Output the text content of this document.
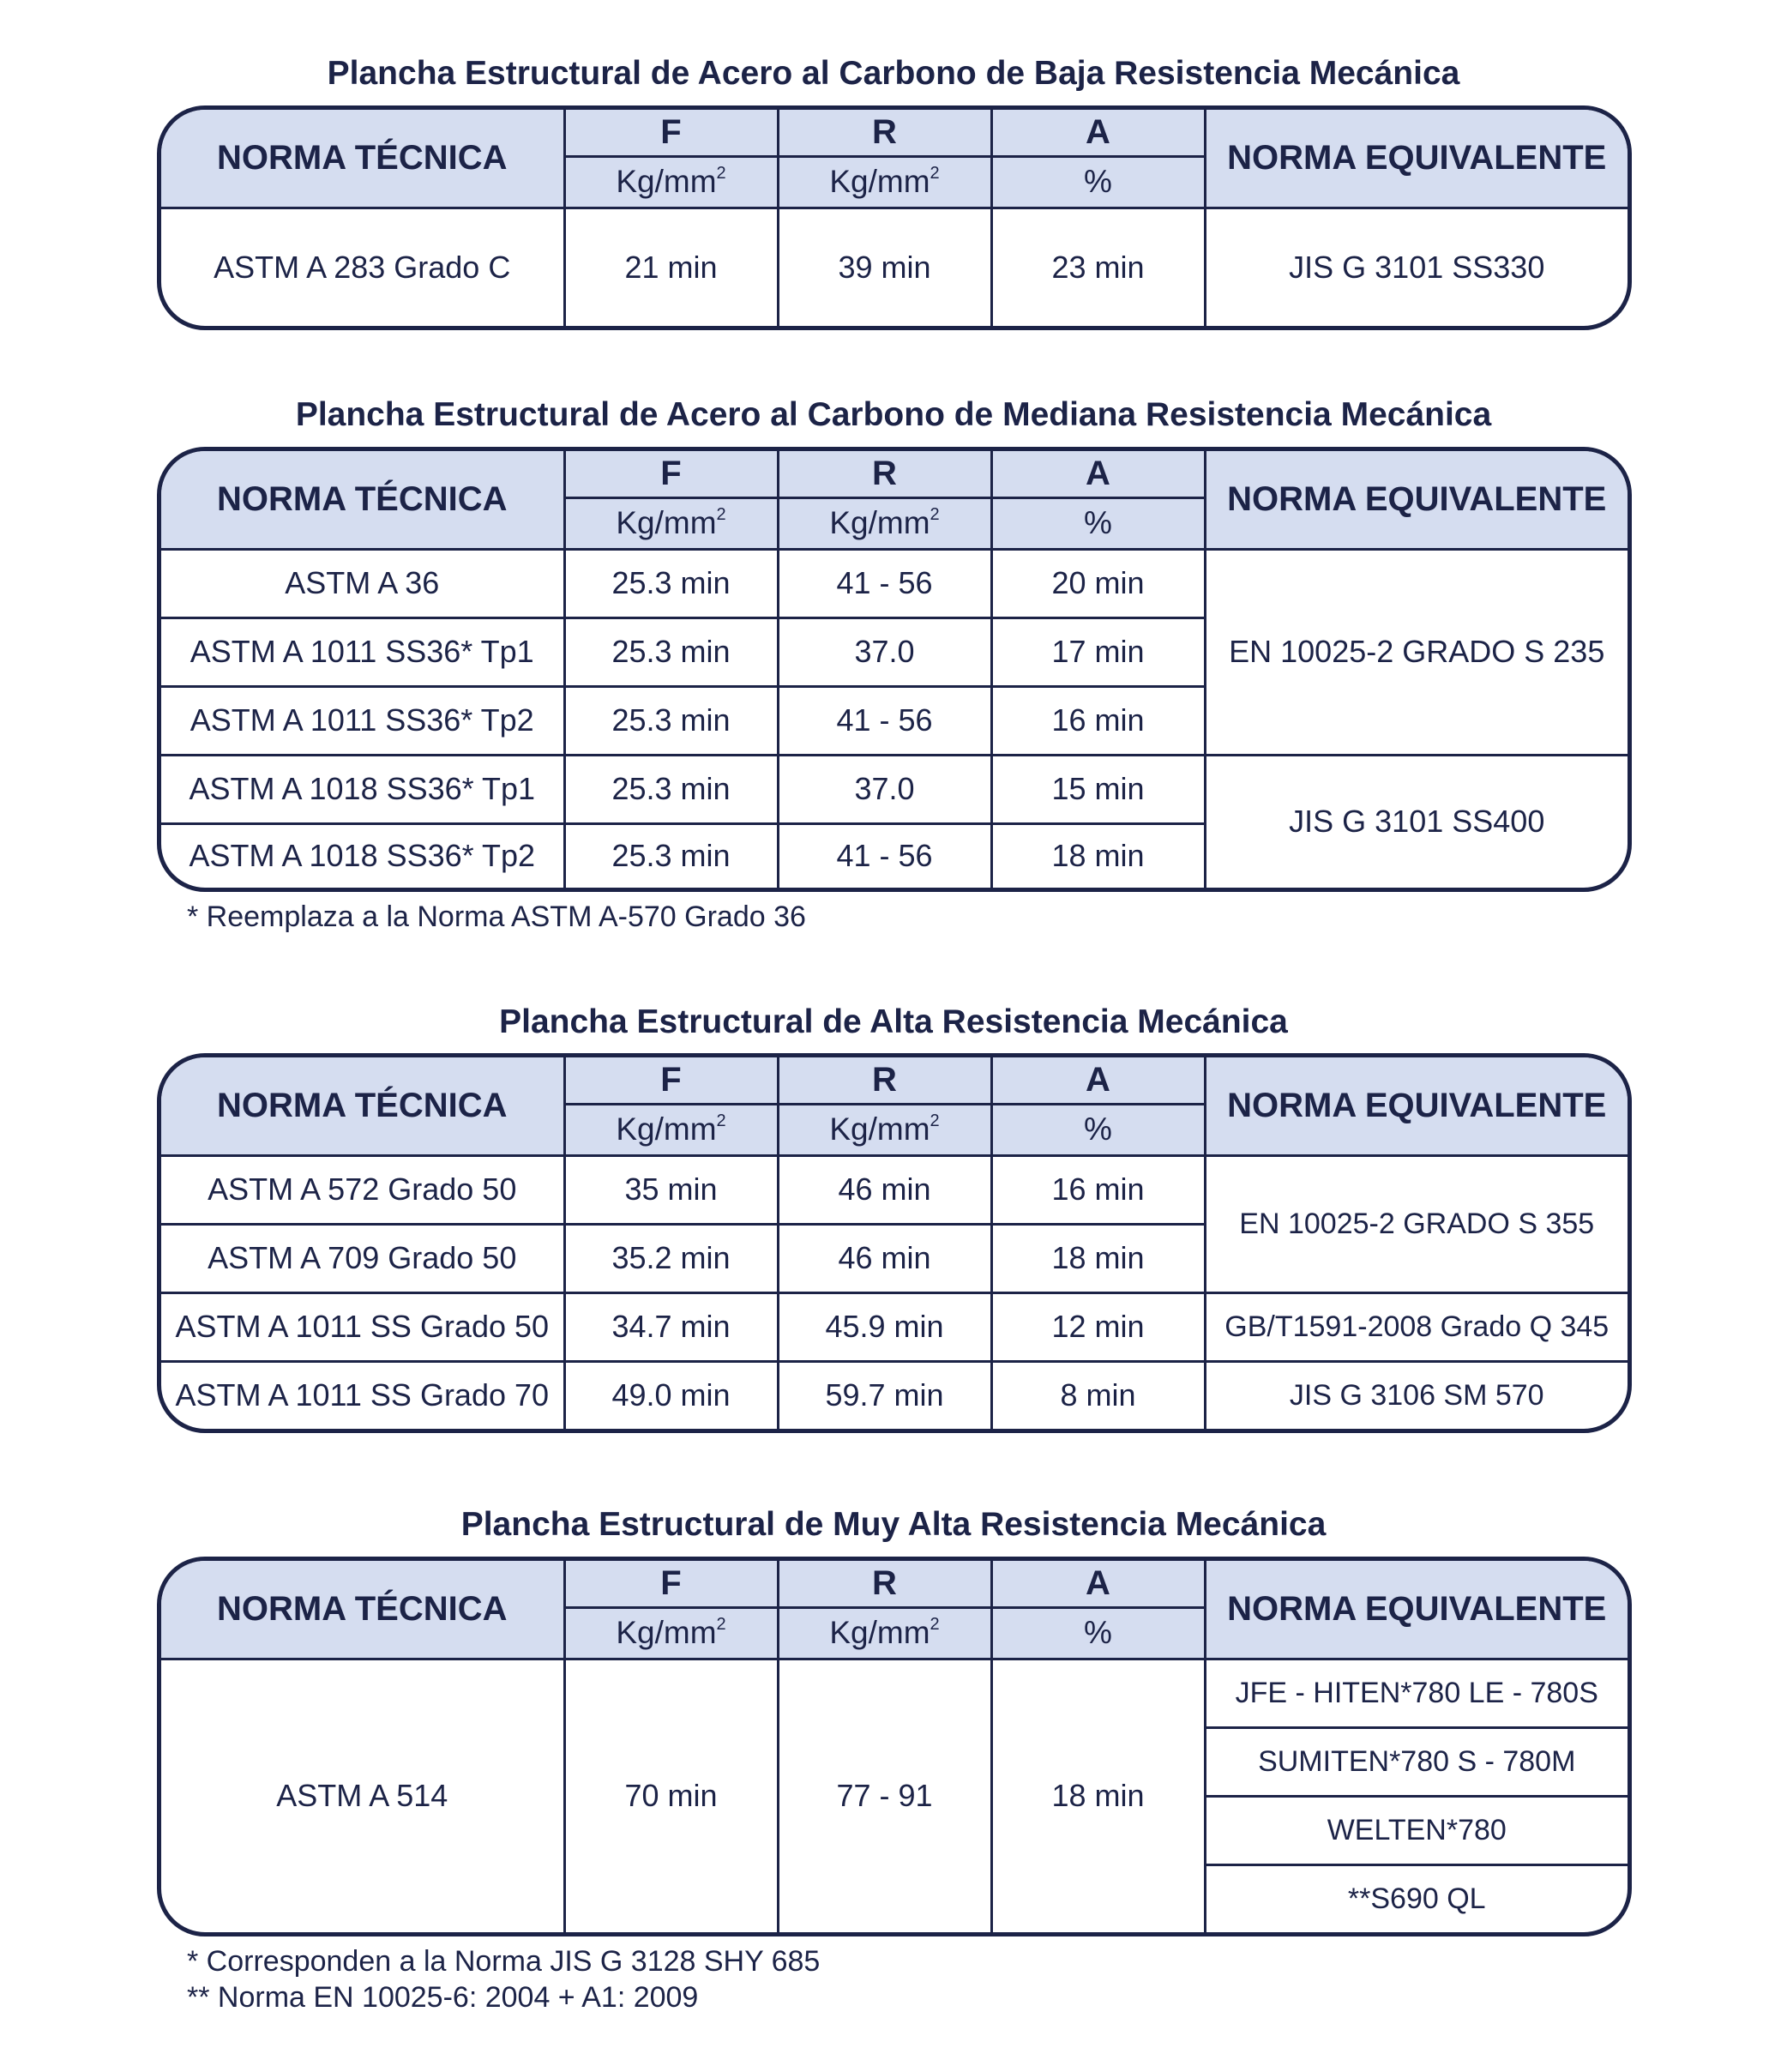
Plancha Estructural de Acero al Carbono de Baja Resistencia Mecánica
NORMA TÉCNICA	F	R	A	NORMA EQUIVALENTE
	$Kg/mm^2$	$Kg/mm^2$	%	
ASTM A 283 Grado C	21 min	39 min	23 min	JIS G 3101 SS330
Plancha Estructural de Acero al Carbono de Mediana Resistencia Mecánica
NORMA TÉCNICA	F	R	A	NORMA EQUIVALENTE
	$Kg/mm^2$	$Kg/mm^2$	%	
ASTM A 36	25.3 min	41 - 56	20 min	EN 10025-2 GRADO S 235
ASTM A 1011 SS36* Tp1	25.3 min	37.0	17 min	
ASTM A 1011 SS36* Tp2	25.3 min	41 - 56	16 min	
ASTM A 1018 SS36* Tp1	25.3 min	37.0	15 min	JIS G 3101 SS400
ASTM A 1018 SS36* Tp2	25.3 min	41 - 56	18 min	
* Reemplaza a la Norma ASTM A-570 Grado 36
Plancha Estructural de Alta Resistencia Mecánica
NORMA TÉCNICA	F	R	A	NORMA EQUIVALENTE
	$Kg/mm^2$	$Kg/mm^2$	%	
ASTM A 572 Grado 50	35 min	46 min	16 min	EN 10025-2 GRADO S 355
ASTM A 709 Grado 50	35.2 min	46 min	18 min	
ASTM A 1011 SS Grado 50	34.7 min	45.9 min	12 min	GB/T1591-2008 Grado Q 345
ASTM A 1011 SS Grado 70	49.0 min	59.7 min	8 min	JIS G 3106 SM 570
Plancha Estructural de Muy Alta Resistencia Mecánica
NORMA TÉCNICA	F	R	A	NORMA EQUIVALENTE
	$Kg/mm^2$	$Kg/mm^2$	%	
ASTM A 514	70 min	77 - 91	18 min	JFE - HITEN*780 LE - 780S
				SUMITEN*780 S - 780M
				WELTEN*780
				**S690 QL
* Corresponden a la Norma JIS G 3128 SHY 685
** Norma EN 10025-6: 2004 + A1: 2009
